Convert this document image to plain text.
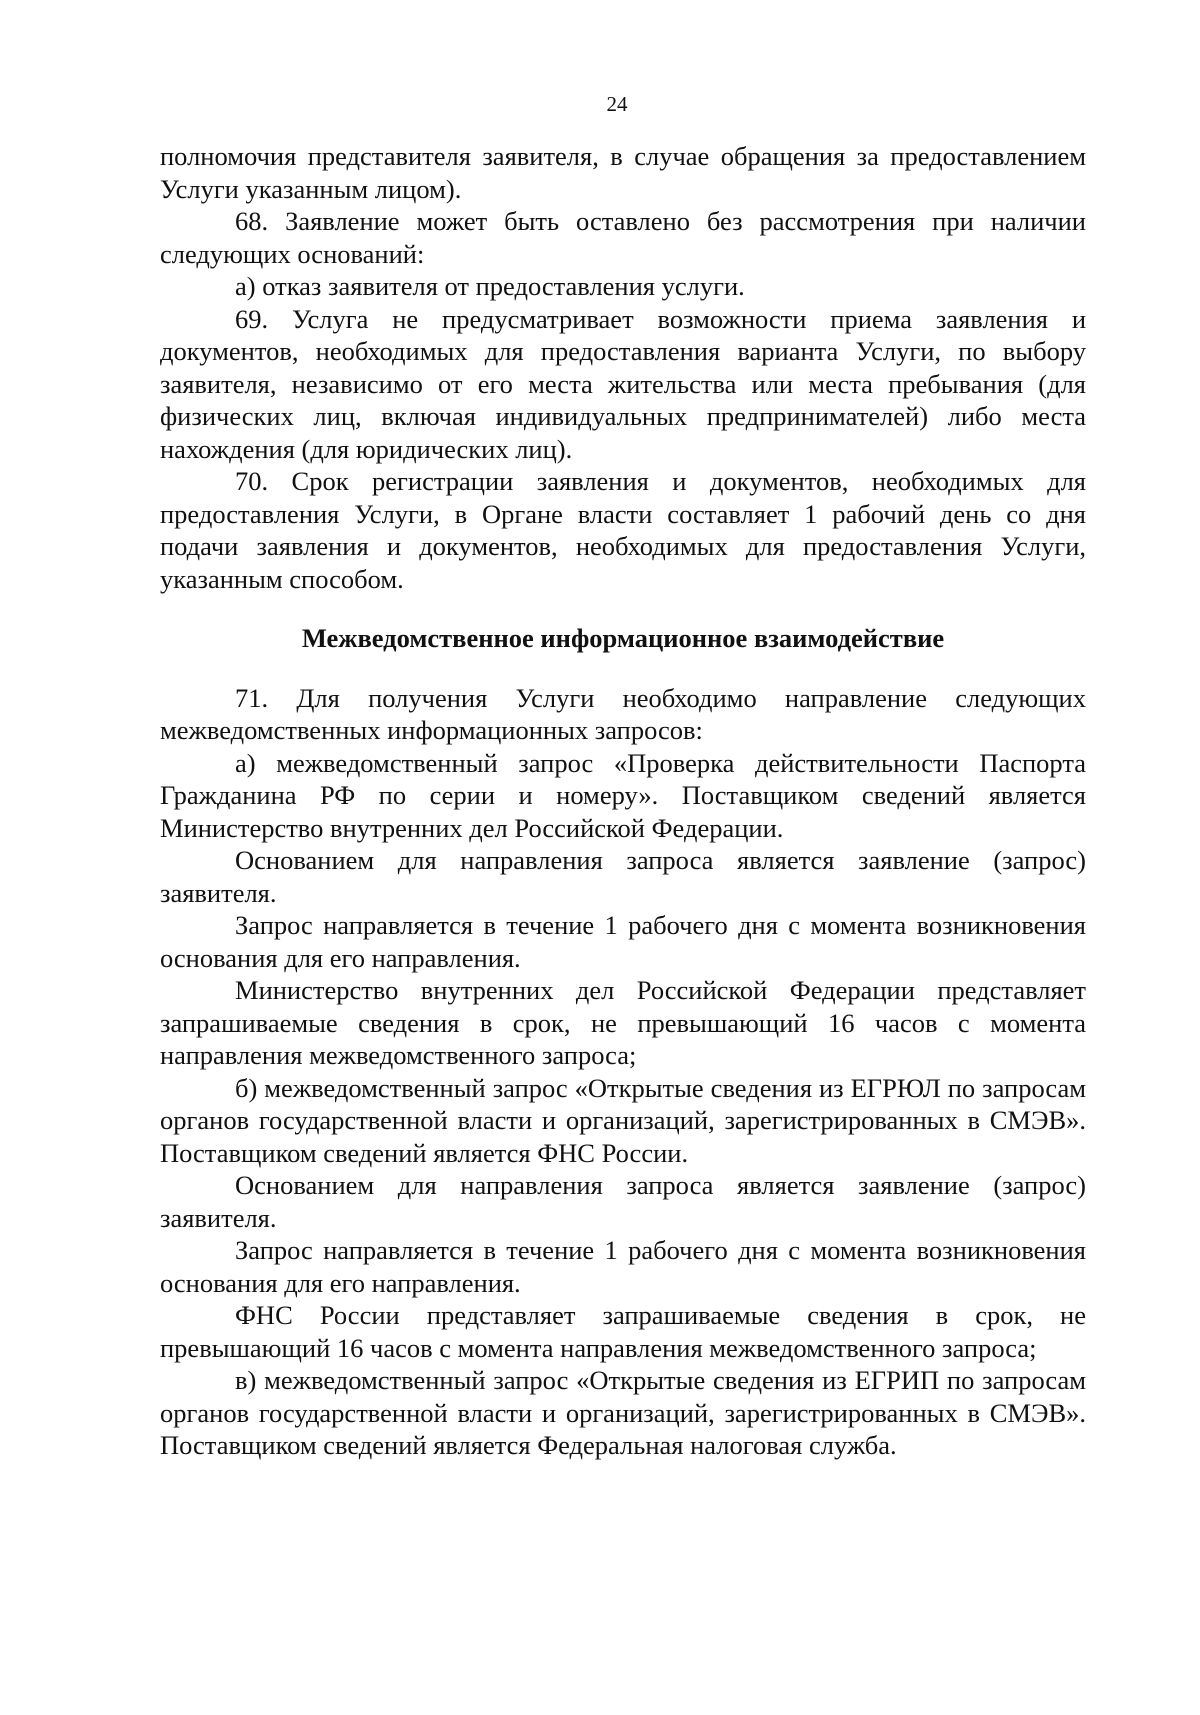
24

полномочия представителя заявителя, в случае обращения за предоставлением Услуги указанным лицом).

68. Заявление может быть оставлено без рассмотрения при наличии следующих оснований:

а) отказ заявителя от предоставления услуги.

69. Услуга не предусматривает возможности приема заявления и документов, необходимых для предоставления варианта Услуги, по выбору заявителя, независимо от его места жительства или места пребывания (для физических лиц, включая индивидуальных предпринимателей) либо места нахождения (для юридических лиц).

70. Срок регистрации заявления и документов, необходимых для предоставления Услуги, в Органе власти составляет 1 рабочий день со дня подачи заявления и документов, необходимых для предоставления Услуги, указанным способом.

Межведомственное информационное взаимодействие

71. Для получения Услуги необходимо направление следующих межведомственных информационных запросов:

а) межведомственный запрос «Проверка действительности Паспорта Гражданина РФ по серии и номеру». Поставщиком сведений является Министерство внутренних дел Российской Федерации.

Основанием для направления запроса является заявление (запрос) заявителя.

Запрос направляется в течение 1 рабочего дня с момента возникновения основания для его направления.

Министерство внутренних дел Российской Федерации представляет запрашиваемые сведения в срок, не превышающий 16 часов с момента направления межведомственного запроса;

б) межведомственный запрос «Открытые сведения из ЕГРЮЛ по запросам органов государственной власти и организаций, зарегистрированных в СМЭВ». Поставщиком сведений является ФНС России.

Основанием для направления запроса является заявление (запрос) заявителя.

Запрос направляется в течение 1 рабочего дня с момента возникновения основания для его направления.

ФНС России представляет запрашиваемые сведения в срок, не превышающий 16 часов с момента направления межведомственного запроса;

в) межведомственный запрос «Открытые сведения из ЕГРИП по запросам органов государственной власти и организаций, зарегистрированных в СМЭВ». Поставщиком сведений является Федеральная налоговая служба.
